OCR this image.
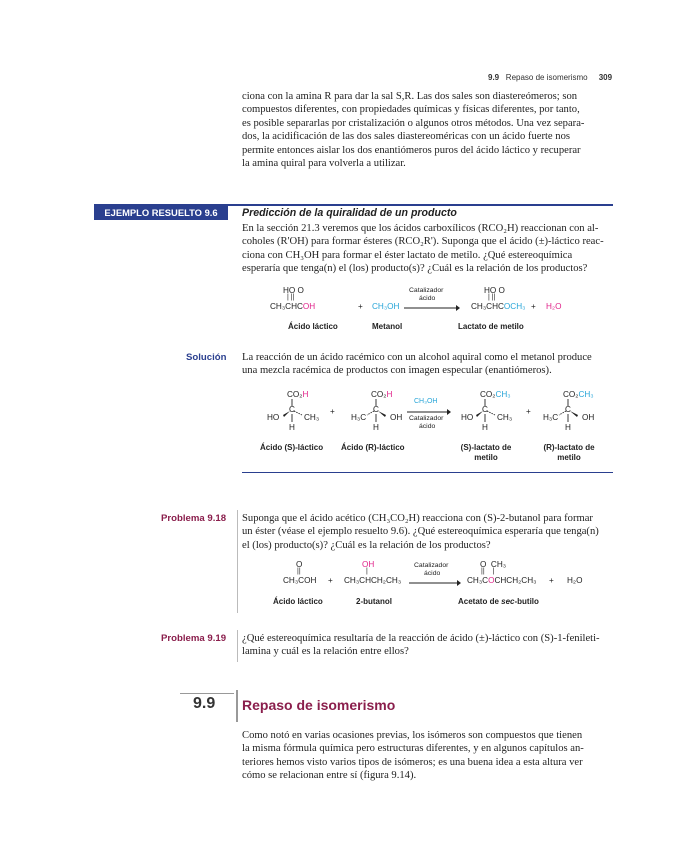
9.9 Repaso de isomerismo 309
ciona con la amina R para dar la sal S,R. Las dos sales son diastereómeros; son
compuestos diferentes, con propiedades químicas y físicas diferentes, por tanto,
es posible separarlas por cristalización o algunos otros métodos. Una vez separa-
dos, la acidificación de las dos sales diastereoméricas con un ácido fuerte nos
permite entonces aislar los dos enantiómeros puros del ácido láctico y recuperar
la amina quiral para volverla a utilizar.
EJEMPLO RESUELTO 9.6	Predicción de la quiralidad de un producto
En la sección 21.3 veremos que los ácidos carboxílicos (RCO₂H) reaccionan con al-
coholes (R'OH) para formar ésteres (RCO₂R'). Suponga que el ácido (±)-láctico reac-
ciona con CH₃OH para formar el éster lactato de metilo. ¿Qué estereoquímica
esperaría que tenga(n) el (los) producto(s)? ¿Cuál es la relación de los productos?
HO O
| ||
CH₃CHCOH	+ CH₃OH
Catalizador
ácido
HO O
| ||
CH₃CHCOCH₃ + H₂O
Ácido láctico	Metanol	Lactato de metilo
Solución La reacción de un ácido racémico con un alcohol aquiral como el metanol produce
una mezcla racémica de productos con imagen especular (enantiómeros).
CO₂H
HO
C
CH₃
H
+
CO₂H
H₃C
C
OH
H
CH₃OH
Catalizador
ácido
CO₂CH₃
HO
C
CH₃
H
+
CO₂CH₃
H₃C
C
OH
H
Ácido (S)-láctico Ácido (R)-láctico	(S)-lactato de
metilo
(R)-lactato de
metilo
Problema 9.18 Suponga que el ácido acético (CH₃CO₂H) reacciona con (S)-2-butanol para formar
un éster (véase el ejemplo resuelto 9.6). ¿Qué estereoquímica esperaría que tenga(n)
el (los) producto(s)? ¿Cuál es la relación de los productos?
O
||
CH₃COH +
OH
|
CH₃CHCH₂CH₃
Catalizador
ácido
O  CH₃
||    |
CH₃COCHCH₂CH₃ + H₂O
Ácido láctico	2-butanol	Acetato de sec-butilo
Problema 9.19 ¿Qué estereoquímica resultaría de la reacción de ácido (±)-láctico con (S)-1-fenileti-
lamina y cuál es la relación entre ellos?
9.9 Repaso de isomerismo
Como notó en varias ocasiones previas, los isómeros son compuestos que tienen
la misma fórmula química pero estructuras diferentes, y en algunos capítulos an-
teriores hemos visto varios tipos de isómeros; es una buena idea a esta altura ver
cómo se relacionan entre sí (figura 9.14).
